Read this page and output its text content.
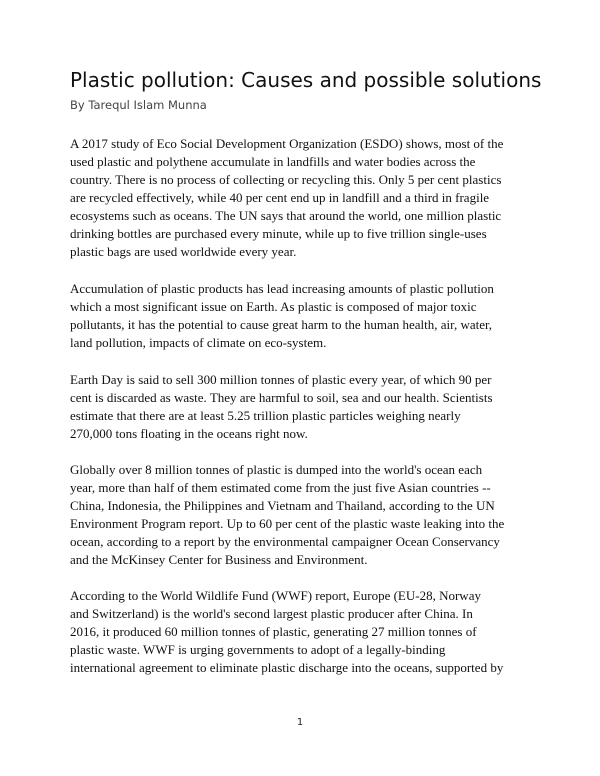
Plastic pollution: Causes and possible solutions

By Tarequl Islam Munna

A 2017 study of Eco Social Development Organization (ESDO) shows, most of the
used plastic and polythene accumulate in landfills and water bodies across the
country. There is no process of collecting or recycling this. Only 5 per cent plastics
are recycled effectively, while 40 per cent end up in landfill and a third in fragile
ecosystems such as oceans. The UN says that around the world, one million plastic
drinking bottles are purchased every minute, while up to five trillion single-uses
plastic bags are used worldwide every year.

Accumulation of plastic products has lead increasing amounts of plastic pollution
which a most significant issue on Earth. As plastic is composed of major toxic
pollutants, it has the potential to cause great harm to the human health, air, water,
land pollution, impacts of climate on eco-system.

Earth Day is said to sell 300 million tonnes of plastic every year, of which 90 per
cent is discarded as waste. They are harmful to soil, sea and our health. Scientists
estimate that there are at least 5.25 trillion plastic particles weighing nearly
270,000 tons floating in the oceans right now.

Globally over 8 million tonnes of plastic is dumped into the world's ocean each
year, more than half of them estimated come from the just five Asian countries --
China, Indonesia, the Philippines and Vietnam and Thailand, according to the UN
Environment Program report. Up to 60 per cent of the plastic waste leaking into the
ocean, according to a report by the environmental campaigner Ocean Conservancy
and the McKinsey Center for Business and Environment.

According to the World Wildlife Fund (WWF) report, Europe (EU-28, Norway
and Switzerland) is the world's second largest plastic producer after China. In
2016, it produced 60 million tonnes of plastic, generating 27 million tonnes of
plastic waste. WWF is urging governments to adopt of a legally-binding
international agreement to eliminate plastic discharge into the oceans, supported by

1
